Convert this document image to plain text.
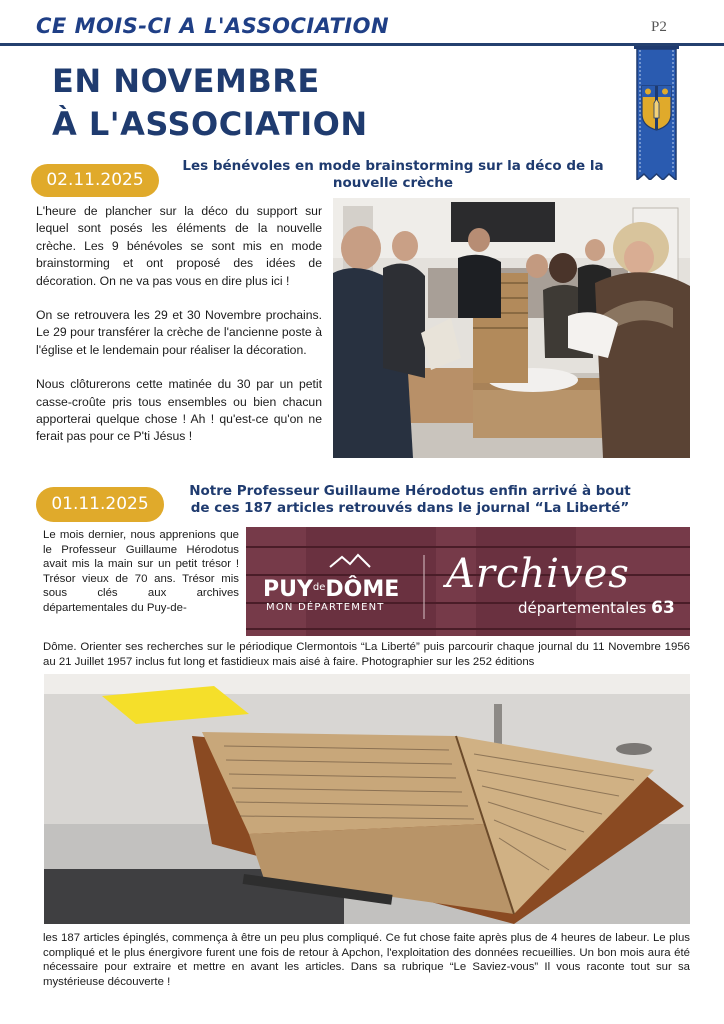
CE MOIS-CI A L'ASSOCIATION	P2
EN NOVEMBRE
À L'ASSOCIATION
02.11.2025
Les bénévoles en mode brainstorming sur la déco de la
nouvelle crèche

L'heure de plancher sur la déco du support sur lequel sont posés les éléments de la nouvelle crèche. Les 9 bénévoles se sont mis en mode brainstorming et ont proposé des idées de décoration. On ne va pas vous en dire plus ici !

On se retrouvera les 29 et 30 Novembre prochains. Le 29 pour transférer la crèche de l'ancienne poste à l'église et le lendemain pour réaliser la décoration.

Nous clôturerons cette matinée du 30 par un petit casse-croûte pris tous ensembles ou bien chacun apporterai quelque chose ! Ah ! qu'est-ce qu'on ne ferait pas pour ce P'ti Jésus !

01.11.2025
Notre Professeur Guillaume Hérodotus enfin arrivé à bout
de ces 187 articles retrouvés dans le journal “La Liberté”
Le mois dernier, nous apprenions que le Professeur Guillaume Hérodotus avait mis la main sur un petit trésor ! Trésor vieux de 70 ans. Trésor mis sous clés aux archives départementales du Puy-de-
$PUY^{de}DÔME$
MON DÉPARTEMENT
Archives
départementales 63
Dôme. Orienter ses recherches sur le périodique Clermontois “La Liberté” puis parcourir chaque journal du 11 Novembre 1956 au 21 Juillet 1957 inclus fut long et fastidieux mais aisé à faire. Photographier sur les 252 éditions
les 187 articles épinglés, commença à être un peu plus compliqué. Ce fut chose faite après plus de 4 heures de labeur. Le plus compliqué et le plus énergivore furent une fois de retour à Apchon, l'exploitation des données recueillies. Un bon mois aura été nécessaire pour extraire et mettre en avant les articles. Dans sa rubrique “Le Saviez-vous” Il vous raconte tout sur sa mystérieuse découverte !
